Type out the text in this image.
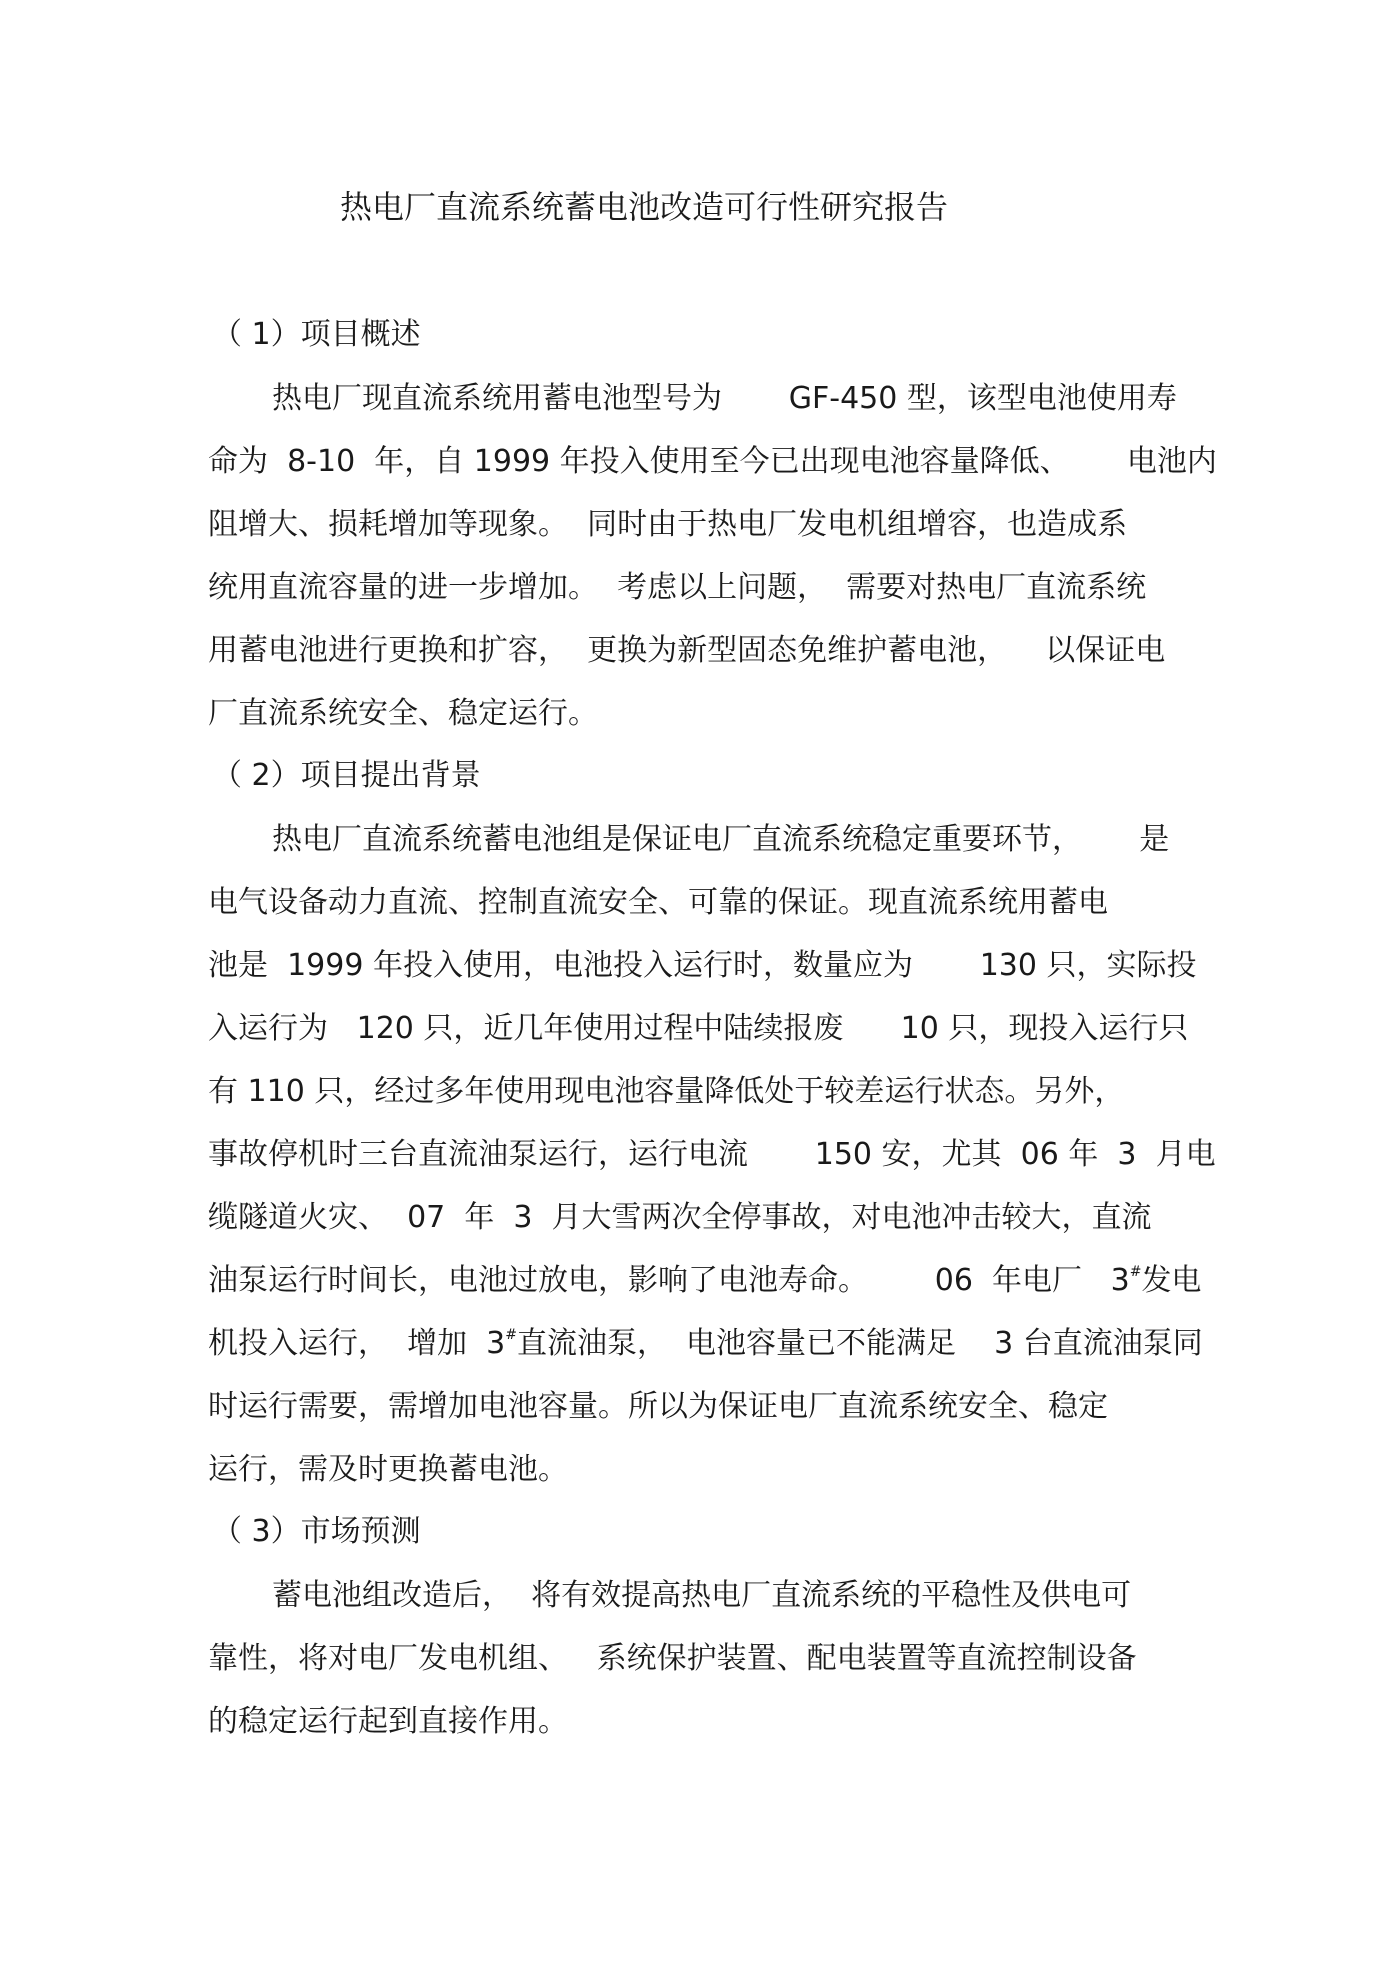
热电厂直流系统蓄电池改造可行性研究报告
（ 1）项目概述
热电厂现直流系统用蓄电池型号为       GF-450 型，该型电池使用寿
命为  8-10  年，自 1999 年投入使用至今已出现电池容量降低、      电池内
阻增大、损耗增加等现象。  同时由于热电厂发电机组增容，也造成系
统用直流容量的进一步增加。  考虑以上问题，  需要对热电厂直流系统
用蓄电池进行更换和扩容，  更换为新型固态免维护蓄电池，    以保证电
厂直流系统安全、稳定运行。
（ 2）项目提出背景
热电厂直流系统蓄电池组是保证电厂直流系统稳定重要环节，      是
电气设备动力直流、控制直流安全、可靠的保证。现直流系统用蓄电
池是  1999 年投入使用，电池投入运行时，数量应为       130 只，实际投
入运行为   120 只，近几年使用过程中陆续报废      10 只，现投入运行只
有 110 只，经过多年使用现电池容量降低处于较差运行状态。另外，
事故停机时三台直流油泵运行，运行电流       150 安，尤其  06 年  3  月电
缆隧道火灾、  07  年  3  月大雪两次全停事故，对电池冲击较大，直流
油泵运行时间长，电池过放电，影响了电池寿命。       06  年电厂   3#发电
机投入运行，  增加  3#直流油泵，  电池容量已不能满足    3 台直流油泵同
时运行需要，需增加电池容量。所以为保证电厂直流系统安全、稳定
运行，需及时更换蓄电池。
（ 3）市场预测
蓄电池组改造后，  将有效提高热电厂直流系统的平稳性及供电可
靠性，将对电厂发电机组、   系统保护装置、配电装置等直流控制设备
的稳定运行起到直接作用。
